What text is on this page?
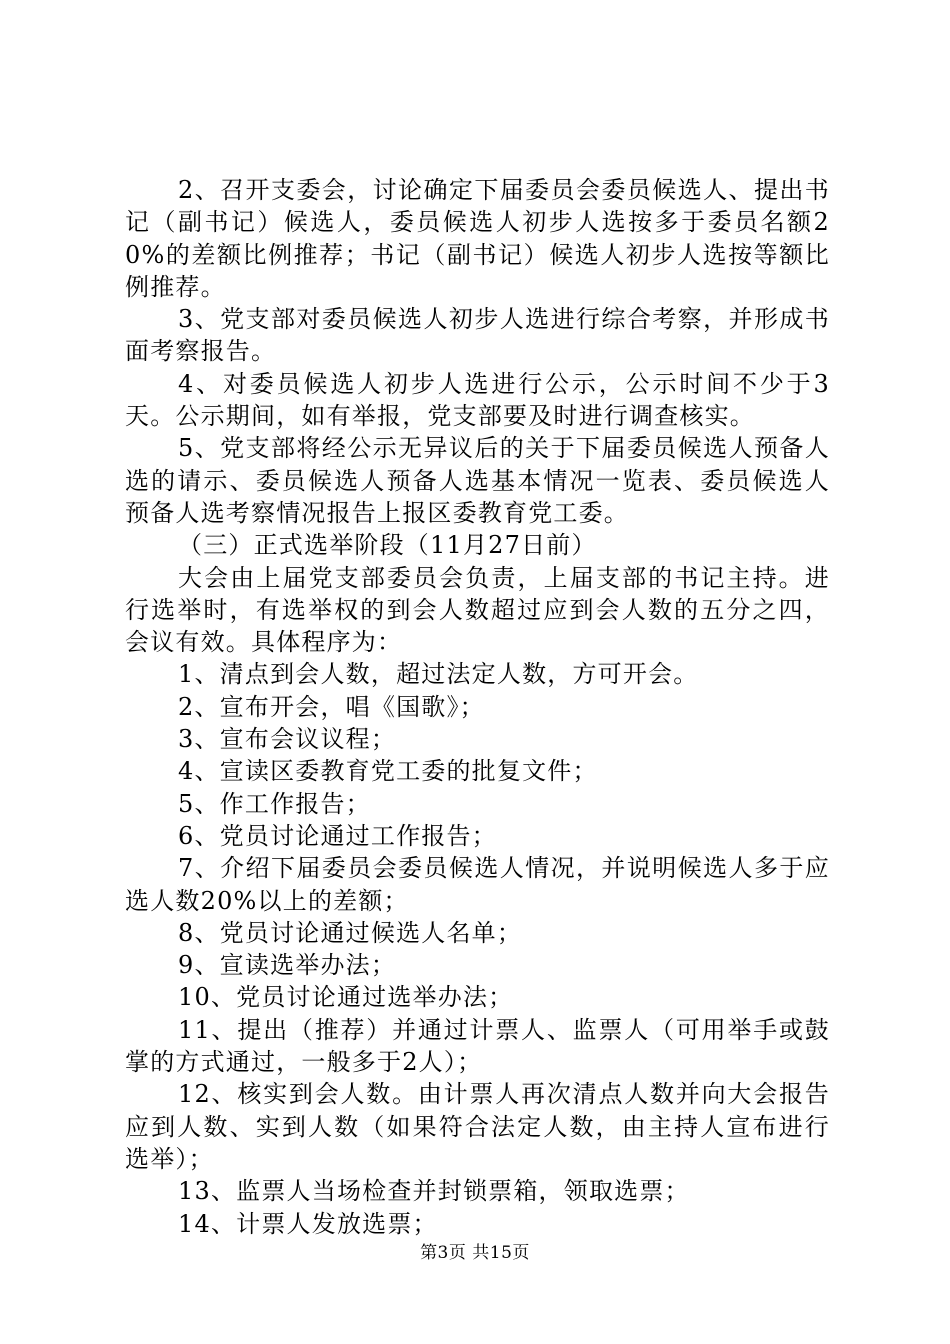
2、召开支委会，讨论确定下届委员会委员候选人、提出书记（副书记）候选人，委员候选人初步人选按多于委员名额20%的差额比例推荐；书记（副书记）候选人初步人选按等额比例推荐。

3、党支部对委员候选人初步人选进行综合考察，并形成书面考察报告。

4、对委员候选人初步人选进行公示，公示时间不少于3天。公示期间，如有举报，党支部要及时进行调查核实。

5、党支部将经公示无异议后的关于下届委员候选人预备人选的请示、委员候选人预备人选基本情况一览表、委员候选人预备人选考察情况报告上报区委教育党工委。

（三）正式选举阶段（11月27日前）

大会由上届党支部委员会负责，上届支部的书记主持。进行选举时，有选举权的到会人数超过应到会人数的五分之四，会议有效。具体程序为：

1、清点到会人数，超过法定人数，方可开会。

2、宣布开会，唱《国歌》；

3、宣布会议议程；

4、宣读区委教育党工委的批复文件；

5、作工作报告；

6、党员讨论通过工作报告；

7、介绍下届委员会委员候选人情况，并说明候选人多于应选人数20%以上的差额；

8、党员讨论通过候选人名单；

9、宣读选举办法；

10、党员讨论通过选举办法；

11、提出（推荐）并通过计票人、监票人（可用举手或鼓掌的方式通过，一般多于2人）；

12、核实到会人数。由计票人再次清点人数并向大会报告应到人数、实到人数（如果符合法定人数，由主持人宣布进行选举）；

13、监票人当场检查并封锁票箱，领取选票；

14、计票人发放选票；

第3页 共15页
